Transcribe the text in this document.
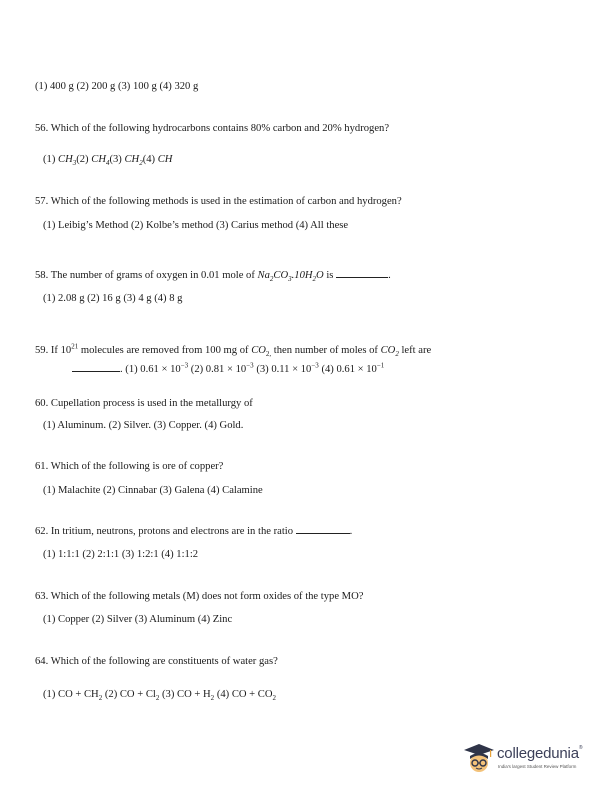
(1) 400 g (2) 200 g (3) 100 g (4) 320 g
56. Which of the following hydrocarbons contains 80% carbon and 20% hydrogen?
(1) $CH_3(2)$ $CH_4(3)$ $CH_2(4)$ CH
57. Which of the following methods is used in the estimation of carbon and hydrogen?
(1) Leibig’s Method (2) Kolbe’s method (3) Carius method (4) All these
58. The number of grams of oxygen in 0.01 mole of $Na_2CO_3.10H_2O$ is	.
(1) 2.08 g (2) 16 g (3) 4 g (4) 8 g
59. If $10^{21}$ molecules are removed from 100 mg of $CO_{2,}$ then number of moles of $CO_2$ left are
. (1) $0.61 \times 10^{-3}$ (2) $0.81 \times 10^{-3}$ (3) $0.11 \times 10^{-3}$ (4) $0.61 \times 10^{-1}$
60. Cupellation process is used in the metallurgy of
(1) Aluminum. (2) Silver. (3) Copper. (4) Gold.
61. Which of the following is ore of copper?
(1) Malachite (2) Cinnabar (3) Galena (4) Calamine
62. In tritium, neutrons, protons and electrons are in the ratio	.
(1) 1:1:1 (2) 2:1:1 (3) 1:2:1 (4) 1:1:2
63. Which of the following metals (M) does not form oxides of the type MO?
(1) Copper (2) Silver (3) Aluminum (4) Zinc
64. Which of the following are constituents of water gas?
(1) CO + $CH_2$ (2) CO + $Cl_2$ (3) CO + $H_2$ (4) CO + $CO_2$
collegedunia®
India's largest Student Review Platform
